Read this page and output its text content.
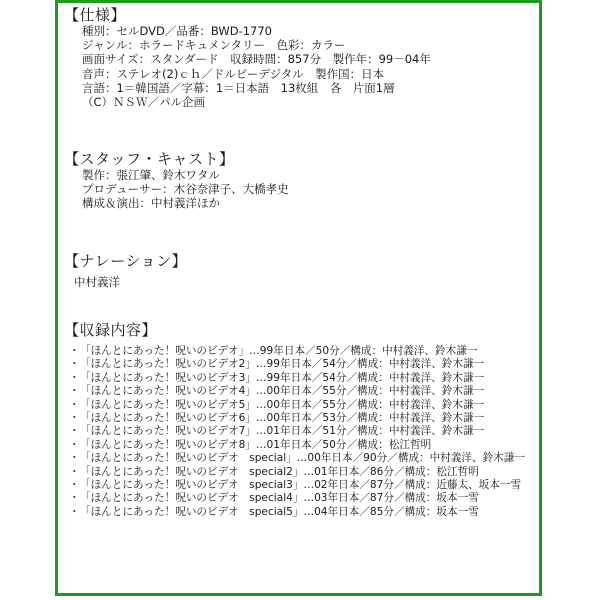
【仕様】
種別：セルDVD／品番：BWD-1770
ジャンル：ホラードキュメンタリー　色彩：カラー
画面サイズ：スタンダード　収録時間：857分　製作年：99－04年
音声：ステレオ(2)ｃｈ／ドルビーデジタル　製作国：日本
言語：1＝韓国語／字幕：1＝日本語　13枚組　各　片面1層
（C）ＮＳＷ／パル企画
【スタッフ・キャスト】
製作：張江肇、鈴木ワタル
プロデューサー：木谷奈津子、大橋孝史
構成＆演出：中村義洋ほか
【ナレーション】
中村義洋
【収録内容】
・「ほんとにあった！呪いのビデオ」…99年日本／50分／構成：中村義洋、鈴木謙一
・「ほんとにあった！呪いのビデオ2」…99年日本／54分／構成：中村義洋、鈴木謙一
・「ほんとにあった！呪いのビデオ3」…99年日本／54分／構成：中村義洋、鈴木謙一
・「ほんとにあった！呪いのビデオ4」…00年日本／55分／構成：中村義洋、鈴木謙一
・「ほんとにあった！呪いのビデオ5」…00年日本／55分／構成：中村義洋、鈴木謙一
・「ほんとにあった！呪いのビデオ6」…00年日本／53分／構成：中村義洋、鈴木謙一
・「ほんとにあった！呪いのビデオ7」…01年日本／51分／構成：中村義洋、鈴木謙一
・「ほんとにあった！呪いのビデオ8」…01年日本／50分／構成：松江哲明
・「ほんとにあった！呪いのビデオ　special」…00年日本／90分／構成：中村義洋、鈴木謙一
・「ほんとにあった！呪いのビデオ　special2」…01年日本／86分／構成：松江哲明
・「ほんとにあった！呪いのビデオ　special3」…02年日本／87分／構成：近藤太、坂本一雪
・「ほんとにあった！呪いのビデオ　special4」…03年日本／87分／構成：坂本一雪
・「ほんとにあった！呪いのビデオ　special5」…04年日本／85分／構成：坂本一雪
